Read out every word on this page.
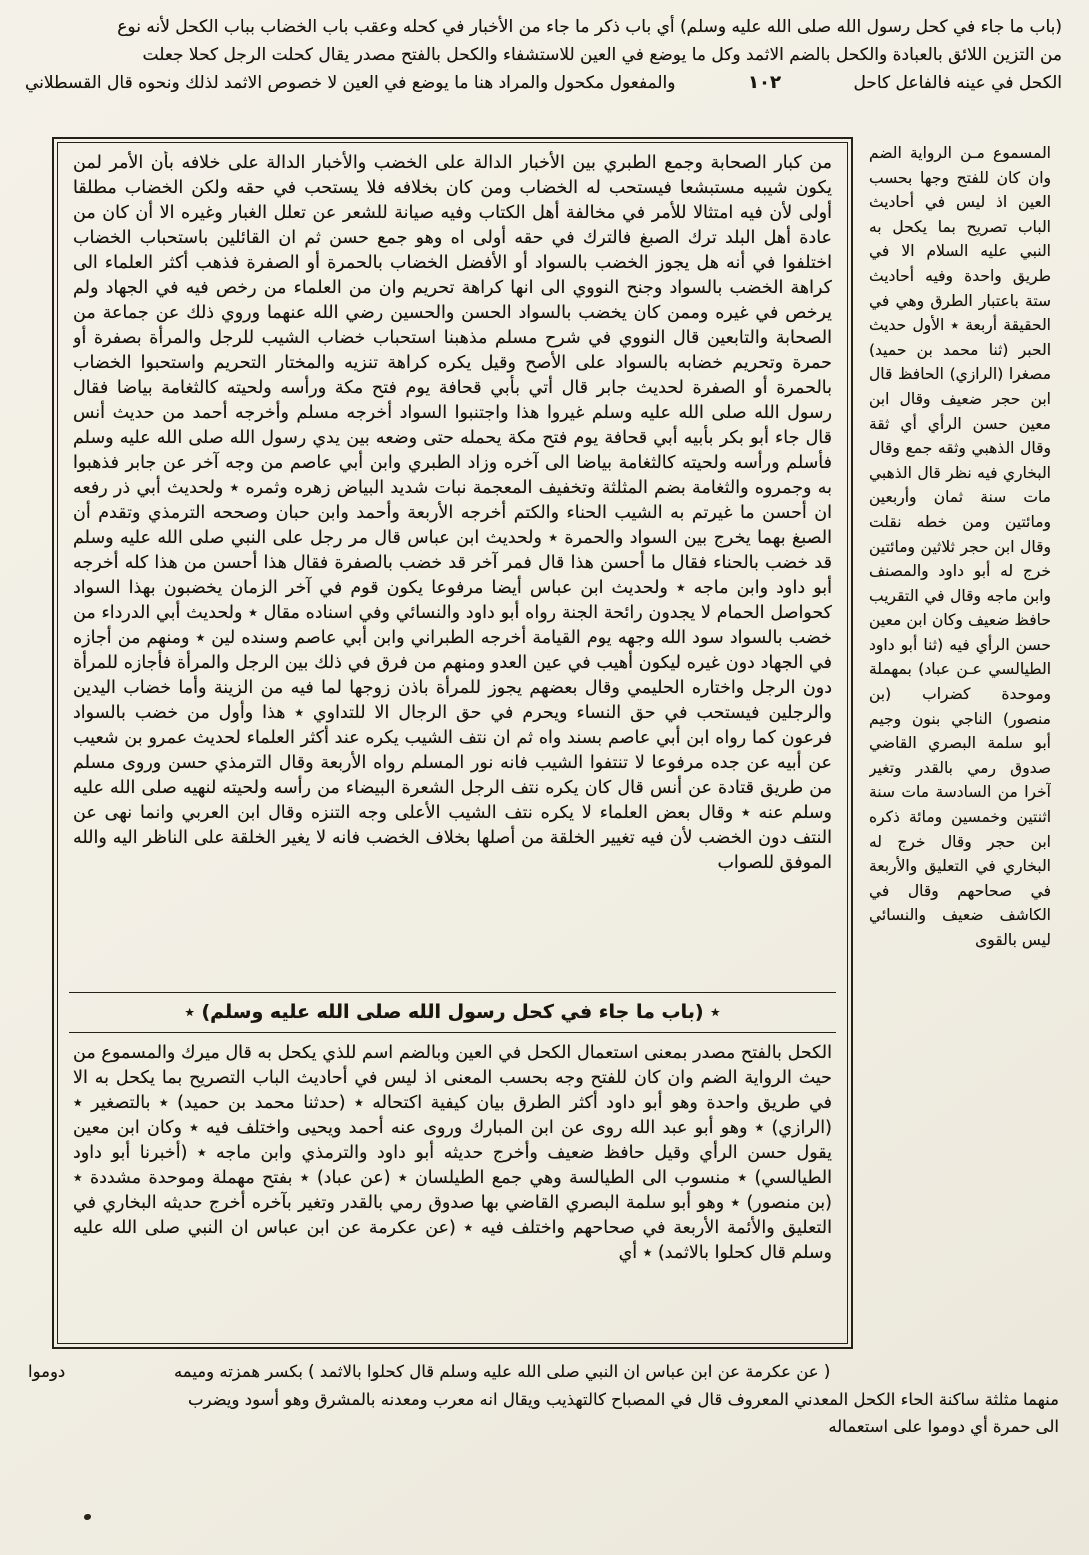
(باب ما جاء في كحل رسول الله صلى الله عليه وسلم) أي باب ذكر ما جاء من الأخبار في كحله وعقب باب الخضاب بباب الكحل لأنه نوع
من التزين اللائق بالعبادة والكحل بالضم الاثمد وكل ما يوضع في العين للاستشفاء والكحل بالفتح مصدر يقال كحلت الرجل كحلا جعلت
الكحل في عينه فالفاعل كاحل
١٠٢
والمفعول مكحول والمراد هنا ما يوضع في العين لا خصوص الاثمد لذلك ونحوه قال القسطلاني
المسموع مـن الرواية الضم وان كان للفتح وجها بحسب العين اذ ليس في أحاديث الباب تصريح بما يكحل به النبي عليه السلام الا في طريق واحدة وفيه أحاديث ستة باعتبار الطرق وهي في الحقيقة أربعة ٭ الأول حديث الحبر (ثنا محمد بن حميد) مصغرا (الرازي) الحافظ قال ابن حجر ضعيف وقال ابن معين حسن الرأي أي ثقة وقال الذهبي وثقه جمع وقال البخاري فيه نظر قال الذهبي مات سنة ثمان وأربعين ومائتين ومن خطه نقلت وقال ابن حجر ثلاثين ومائتين خرج له أبو داود والمصنف وابن ماجه وقال في التقريب حافظ ضعيف وكان ابن معين حسن الرأي فيه (ثنا أبو داود الطيالسي عـن عباد) بمهملة وموحدة كضراب (بن منصور) الناجي بنون وجيم أبو سلمة البصري القاضي صدوق رمي بالقدر وتغير آخرا من السادسة مات سنة اثنتين وخمسين ومائة ذكره ابن حجر وقال خرج له البخاري في التعليق والأربعة في صحاحهم وقال في الكاشف ضعيف والنسائي ليس بالقوى
من كبار الصحابة وجمع الطبري بين الأخبار الدالة على الخضب والأخبار الدالة على خلافه بأن الأمر لمن يكون شيبه مستبشعا فيستحب له الخضاب ومن كان بخلافه فلا يستحب في حقه ولكن الخضاب مطلقا أولى لأن فيه امتثالا للأمر في مخالفة أهل الكتاب وفيه صيانة للشعر عن تعلل الغبار وغيره الا أن كان من عادة أهل البلد ترك الصبغ فالترك في حقه أولى اه وهو جمع حسن ثم ان القائلين باستحباب الخضاب اختلفوا في أنه هل يجوز الخضب بالسواد أو الأفضل الخضاب بالحمرة أو الصفرة فذهب أكثر العلماء الى كراهة الخضب بالسواد وجنح النووي الى انها كراهة تحريم وان من العلماء من رخص فيه في الجهاد ولم يرخص في غيره وممن كان يخضب بالسواد الحسن والحسين رضي الله عنهما وروي ذلك عن جماعة من الصحابة والتابعين قال النووي في شرح مسلم مذهبنا استحباب خضاب الشيب للرجل والمرأة بصفرة أو حمرة وتحريم خضابه بالسواد على الأصح وقيل يكره كراهة تنزيه والمختار التحريم واستحبوا الخضاب بالحمرة أو الصفرة لحديث جابر قال أتي بأبي قحافة يوم فتح مكة ورأسه ولحيته كالثغامة بياضا فقال رسول الله صلى الله عليه وسلم غيروا هذا واجتنبوا السواد أخرجه مسلم وأخرجه أحمد من حديث أنس قال جاء أبو بكر بأبيه أبي قحافة يوم فتح مكة يحمله حتى وضعه بين يدي رسول الله صلى الله عليه وسلم فأسلم ورأسه ولحيته كالثغامة بياضا الى آخره وزاد الطبري وابن أبي عاصم من وجه آخر عن جابر فذهبوا به وجمروه والثغامة بضم المثلثة وتخفيف المعجمة نبات شديد البياض زهره وثمره ٭ ولحديث أبي ذر رفعه ان أحسن ما غيرتم به الشيب الحناء والكتم أخرجه الأربعة وأحمد وابن حبان وصححه الترمذي وتقدم أن الصبغ بهما يخرج بين السواد والحمرة ٭ ولحديث ابن عباس قال مر رجل على النبي صلى الله عليه وسلم قد خضب بالحناء فقال ما أحسن هذا قال فمر آخر قد خضب بالصفرة فقال هذا أحسن من هذا كله أخرجه أبو داود وابن ماجه ٭ ولحديث ابن عباس أيضا مرفوعا يكون قوم في آخر الزمان يخضبون بهذا السواد كحواصل الحمام لا يجدون رائحة الجنة رواه أبو داود والنسائي وفي اسناده مقال ٭ ولحديث أبي الدرداء من خضب بالسواد سود الله وجهه يوم القيامة أخرجه الطبراني وابن أبي عاصم وسنده لين ٭ ومنهم من أجازه في الجهاد دون غيره ليكون أهيب في عين العدو ومنهم من فرق في ذلك بين الرجل والمرأة فأجازه للمرأة دون الرجل واختاره الحليمي وقال بعضهم يجوز للمرأة باذن زوجها لما فيه من الزينة وأما خضاب اليدين والرجلين فيستحب في حق النساء ويحرم في حق الرجال الا للتداوي ٭ هذا وأول من خضب بالسواد فرعون كما رواه ابن أبي عاصم بسند واه ثم ان نتف الشيب يكره عند أكثر العلماء لحديث عمرو بن شعيب عن أبيه عن جده مرفوعا لا تنتفوا الشيب فانه نور المسلم رواه الأربعة وقال الترمذي حسن وروى مسلم من طريق قتادة عن أنس قال كان يكره نتف الرجل الشعرة البيضاء من رأسه ولحيته لنهيه صلى الله عليه وسلم عنه ٭ وقال بعض العلماء لا يكره نتف الشيب الأعلى وجه التنزه وقال ابن العربي وانما نهى عن النتف دون الخضب لأن فيه تغيير الخلقة من أصلها بخلاف الخضب فانه لا يغير الخلقة على الناظر اليه والله الموفق للصواب
٭ (باب ما جاء في كحل رسول الله صلى الله عليه وسلم) ٭
الكحل بالفتح مصدر بمعنى استعمال الكحل في العين وبالضم اسم للذي يكحل به قال ميرك والمسموع من حيث الرواية الضم وان كان للفتح وجه بحسب المعنى اذ ليس في أحاديث الباب التصريح بما يكحل به الا في طريق واحدة وهو أبو داود أكثر الطرق بيان كيفية اكتحاله ٭ (حدثنا محمد بن حميد) ٭ بالتصغير ٭ (الرازي) ٭ وهو أبو عبد الله روى عن ابن المبارك وروى عنه أحمد ويحيى واختلف فيه ٭ وكان ابن معين يقول حسن الرأي وقيل حافظ ضعيف وأخرج حديثه أبو داود والترمذي وابن ماجه ٭ (أخبرنا أبو داود الطيالسي) ٭ منسوب الى الطيالسة وهي جمع الطيلسان ٭ (عن عباد) ٭ بفتح مهملة وموحدة مشددة ٭ (بن منصور) ٭ وهو أبو سلمة البصري القاضي بها صدوق رمي بالقدر وتغير بآخره أخرج حديثه البخاري في التعليق والأئمة الأربعة في صحاحهم واختلف فيه ٭ (عن عكرمة عن ابن عباس ان النبي صلى الله عليه وسلم قال كحلوا بالاثمد) ٭ أي
( عن عكرمة عن ابن عباس ان النبي صلى الله عليه وسلم قال كحلوا بالاثمد ) بكسر همزته وميمه
دوموا
منهما مثلثة ساكنة الحاء الكحل المعدني المعروف قال في المصباح كالتهذيب ويقال انه معرب ومعدنه بالمشرق وهو أسود ويضرب
الى حمرة أي دوموا على استعماله
